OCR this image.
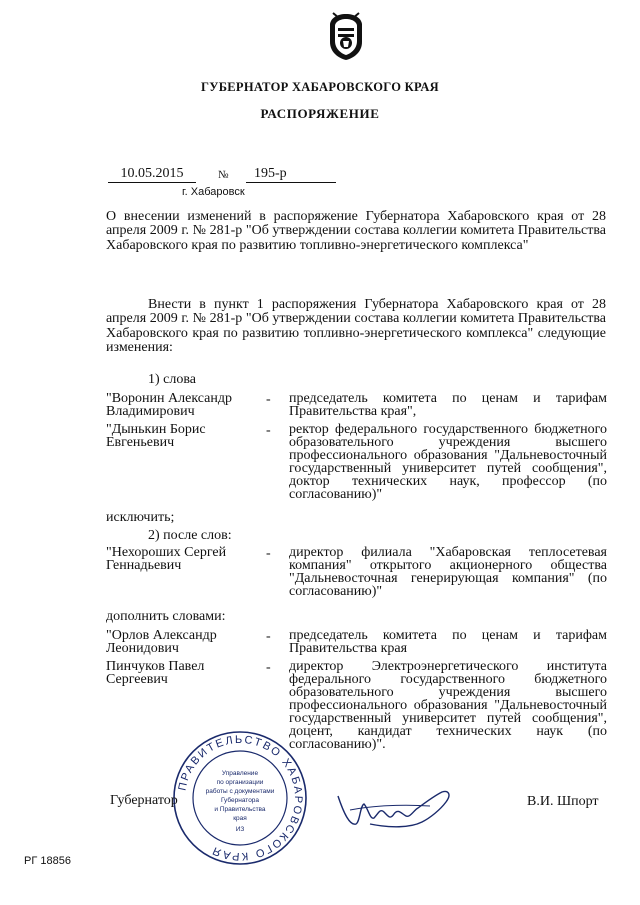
ГУБЕРНАТОР ХАБАРОВСКОГО КРАЯ
РАСПОРЯЖЕНИЕ
10.05.2015	№	195-р
г. Хабаровск
О внесении изменений в распоряжение Губернатора Хабаровского края от 28 апреля 2009 г. № 281-р "Об утверждении состава коллегии комитета Правительства Хабаровского края по развитию топливно-энергетического комплекса"
Внести в пункт 1 распоряжения Губернатора Хабаровского края от 28 апреля 2009 г. № 281-р "Об утверждении состава коллегии комитета Правительства Хабаровского края по развитию топливно-энергетического комплекса" следующие изменения:
1) слова
"Воронин Александр Владимирович
- председатель комитета по ценам и тарифам Правительства края",
"Дынькин Борис Евгеньевич
- ректор федерального государственного бюджетного образовательного учреждения высшего профессионального образования "Дальневосточный государственный университет путей сообщения", доктор технических наук, профессор (по согласованию)"
исключить;
2) после слов:
"Нехороших Сергей Геннадьевич
- директор филиала "Хабаровская теплосетевая компания" открытого акционерного общества "Дальневосточная генерирующая компания" (по согласованию)"
дополнить словами:
"Орлов Александр Леонидович
- председатель комитета по ценам и тарифам Правительства края
Пинчуков Павел Сергеевич
- директор Электроэнергетического института федерального государственного бюджетного образовательного учреждения высшего профессионального образования "Дальневосточный государственный университет путей сообщения", доцент, кандидат технических наук (по согласованию)".
ПРАВИТЕЛЬСТВО ХАБАРОВСКОГО КРАЯ
Управление
по организации
работы с документами
Губернатора
и Правительства
края
ИЗ
Губернатор	В.И. Шпорт
РГ 18856
